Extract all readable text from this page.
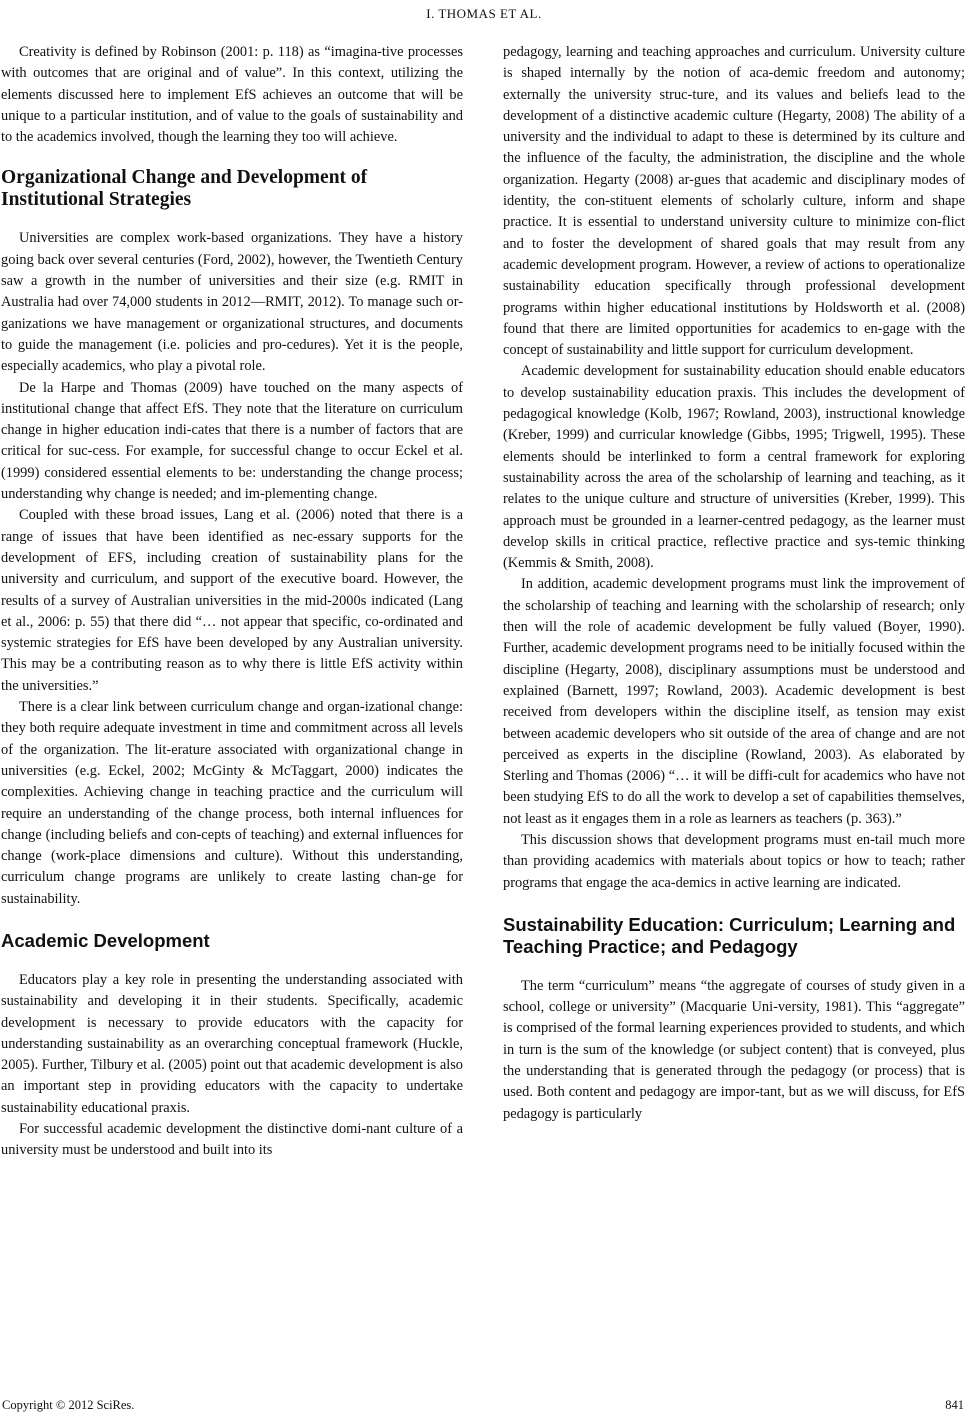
I. THOMAS ET AL.

Creativity is defined by Robinson (2001: p. 118) as “imagina-tive processes with outcomes that are original and of value”. In this context, utilizing the elements discussed here to implement EfS achieves an outcome that will be unique to a particular institution, and of value to the goals of sustainability and to the academics involved, though the learning they too will achieve.

Organizational Change and Development of Institutional Strategies

Universities are complex work-based organizations. They have a history going back over several centuries (Ford, 2002), however, the Twentieth Century saw a growth in the number of universities and their size (e.g. RMIT in Australia had over 74,000 students in 2012—RMIT, 2012). To manage such or-ganizations we have management or organizational structures, and documents to guide the management (i.e. policies and pro-cedures). Yet it is the people, especially academics, who play a pivotal role.

De la Harpe and Thomas (2009) have touched on the many aspects of institutional change that affect EfS. They note that the literature on curriculum change in higher education indi-cates that there is a number of factors that are critical for suc-cess. For example, for successful change to occur Eckel et al. (1999) considered essential elements to be: understanding the change process; understanding why change is needed; and im-plementing change.

Coupled with these broad issues, Lang et al. (2006) noted that there is a range of issues that have been identified as nec-essary supports for the development of EFS, including creation of sustainability plans for the university and curriculum, and support of the executive board. However, the results of a survey of Australian universities in the mid-2000s indicated (Lang et al., 2006: p. 55) that there did “… not appear that specific, co-ordinated and systemic strategies for EfS have been developed by any Australian university. This may be a contributing reason as to why there is little EfS activity within the universities.”

There is a clear link between curriculum change and organ-izational change: they both require adequate investment in time and commitment across all levels of the organization. The lit-erature associated with organizational change in universities (e.g. Eckel, 2002; McGinty & McTaggart, 2000) indicates the complexities. Achieving change in teaching practice and the curriculum will require an understanding of the change process, both internal influences for change (including beliefs and con-cepts of teaching) and external influences for change (work-place dimensions and culture). Without this understanding, curriculum change programs are unlikely to create lasting chan-ge for sustainability.

Academic Development

Educators play a key role in presenting the understanding associated with sustainability and developing it in their students. Specifically, academic development is necessary to provide educators with the capacity for understanding sustainability as an overarching conceptual framework (Huckle, 2005). Further, Tilbury et al. (2005) point out that academic development is also an important step in providing educators with the capacity to undertake sustainability educational praxis.

For successful academic development the distinctive domi-nant culture of a university must be understood and built into its

pedagogy, learning and teaching approaches and curriculum. University culture is shaped internally by the notion of aca-demic freedom and autonomy; externally the university struc-ture, and its values and beliefs lead to the development of a distinctive academic culture (Hegarty, 2008) The ability of a university and the individual to adapt to these is determined by its culture and the influence of the faculty, the administration, the discipline and the whole organization. Hegarty (2008) ar-gues that academic and disciplinary modes of identity, the con-stituent elements of scholarly culture, inform and shape practice. It is essential to understand university culture to minimize con-flict and to foster the development of shared goals that may result from any academic development program. However, a review of actions to operationalize sustainability education specifically through professional development programs within higher educational institutions by Holdsworth et al. (2008) found that there are limited opportunities for academics to en-gage with the concept of sustainability and little support for curriculum development.

Academic development for sustainability education should enable educators to develop sustainability education praxis. This includes the development of pedagogical knowledge (Kolb, 1967; Rowland, 2003), instructional knowledge (Kreber, 1999) and curricular knowledge (Gibbs, 1995; Trigwell, 1995). These elements should be interlinked to form a central framework for exploring sustainability across the area of the scholarship of learning and teaching, as it relates to the unique culture and structure of universities (Kreber, 1999). This approach must be grounded in a learner-centred pedagogy, as the learner must develop skills in critical practice, reflective practice and sys-temic thinking (Kemmis & Smith, 2008).

In addition, academic development programs must link the improvement of the scholarship of teaching and learning with the scholarship of research; only then will the role of academic development be fully valued (Boyer, 1990). Further, academic development programs need to be initially focused within the discipline (Hegarty, 2008), disciplinary assumptions must be understood and explained (Barnett, 1997; Rowland, 2003). Academic development is best received from developers within the discipline itself, as tension may exist between academic developers who sit outside of the area of change and are not perceived as experts in the discipline (Rowland, 2003). As elaborated by Sterling and Thomas (2006) “… it will be diffi-cult for academics who have not been studying EfS to do all the work to develop a set of capabilities themselves, not least as it engages them in a role as learners as teachers (p. 363).”

This discussion shows that development programs must en-tail much more than providing academics with materials about topics or how to teach; rather programs that engage the aca-demics in active learning are indicated.

Sustainability Education: Curriculum; Learning and Teaching Practice; and Pedagogy

The term “curriculum” means “the aggregate of courses of study given in a school, college or university” (Macquarie Uni-versity, 1981). This “aggregate” is comprised of the formal learning experiences provided to students, and which in turn is the sum of the knowledge (or subject content) that is conveyed, plus the understanding that is generated through the pedagogy (or process) that is used. Both content and pedagogy are impor-tant, but as we will discuss, for EfS pedagogy is particularly

Copyright © 2012 SciRes.	841
